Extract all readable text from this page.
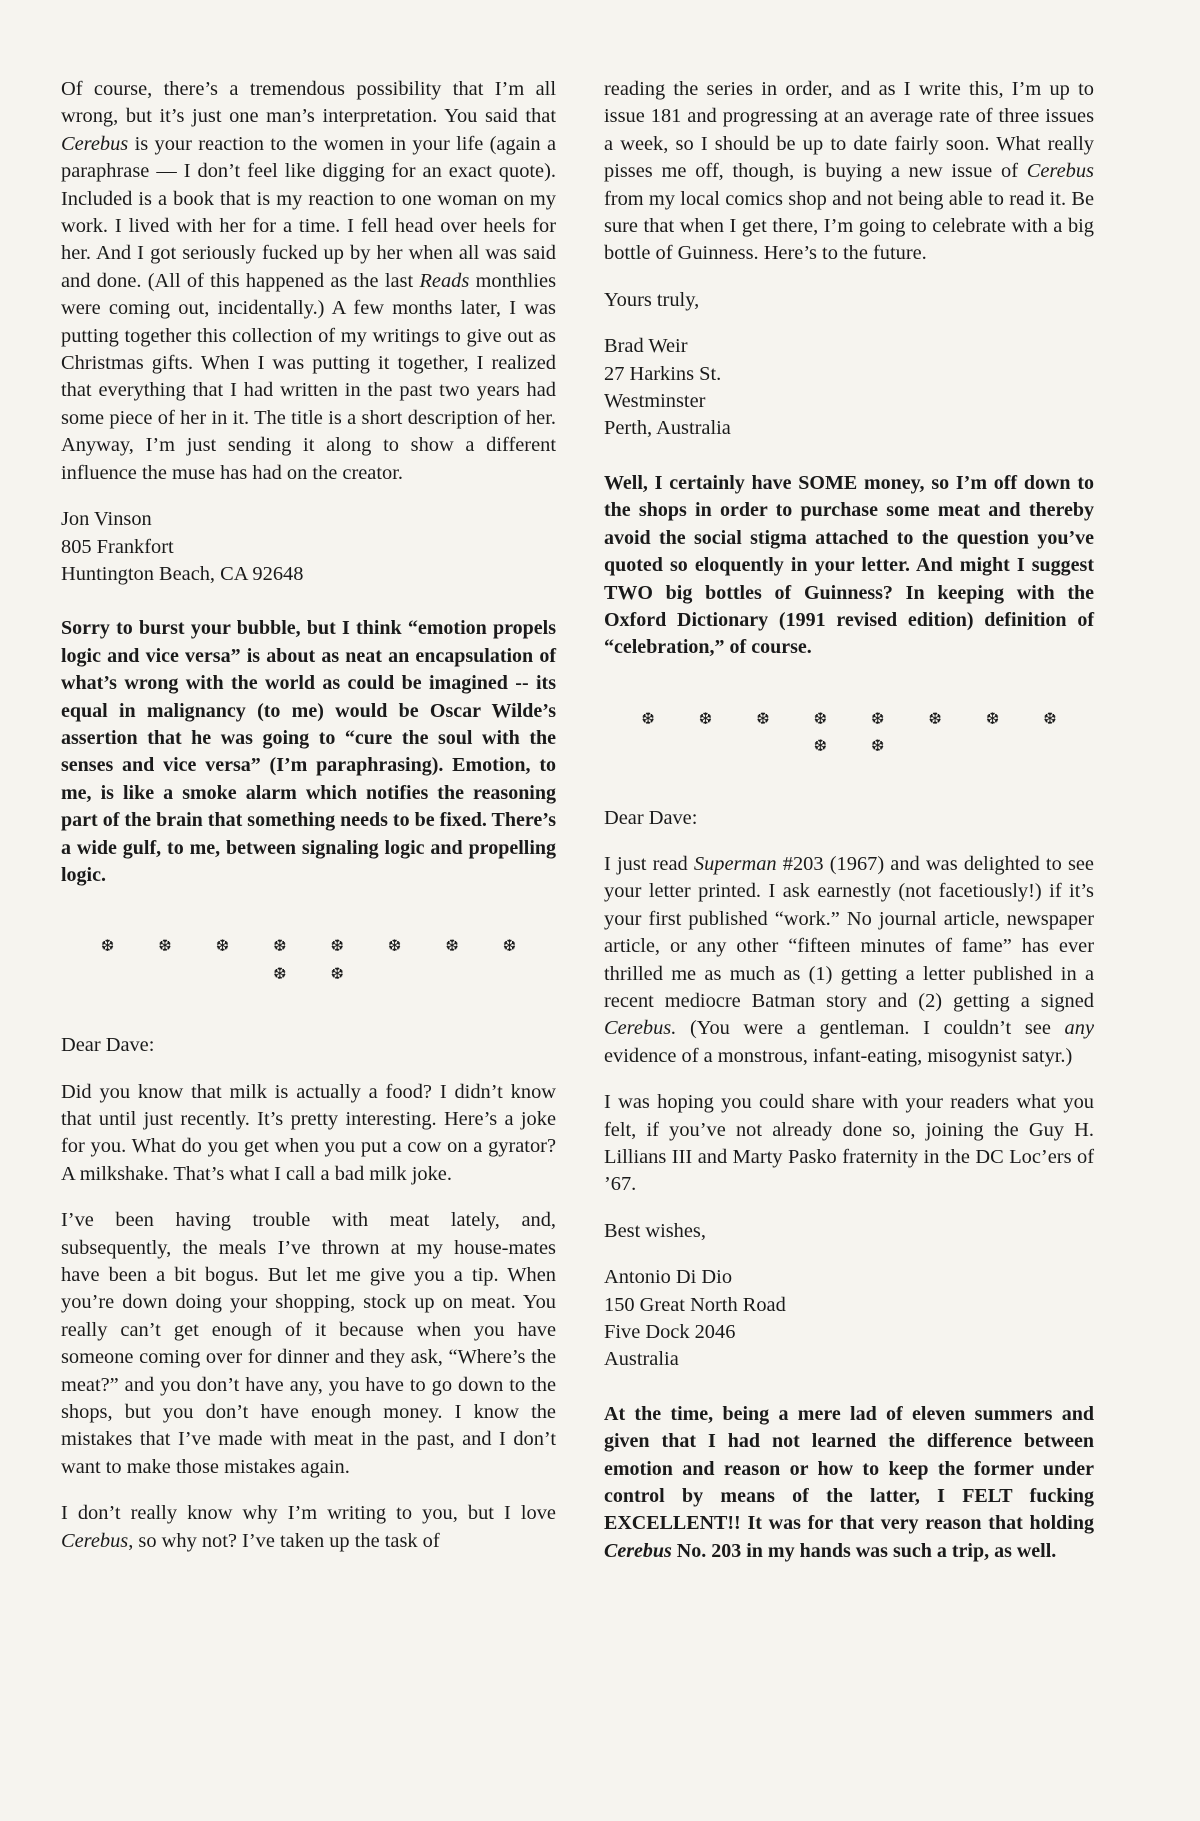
Of course, there’s a tremendous possibility that I’m all wrong, but it’s just one man’s interpretation. You said that Cerebus is your reaction to the women in your life (again a paraphrase — I don’t feel like digging for an exact quote). Included is a book that is my reaction to one woman on my work. I lived with her for a time. I fell head over heels for her. And I got seriously fucked up by her when all was said and done. (All of this happened as the last Reads monthlies were coming out, incidentally.) A few months later, I was putting together this collection of my writings to give out as Christmas gifts. When I was putting it together, I realized that everything that I had written in the past two years had some piece of her in it. The title is a short description of her. Anyway, I’m just sending it along to show a different influence the muse has had on the creator.

Jon Vinson

805 Frankfort

Huntington Beach, CA 92648

Sorry to burst your bubble, but I think “emotion propels logic and vice versa” is about as neat an encapsulation of what’s wrong with the world as could be imagined -- its equal in malignancy (to me) would be Oscar Wilde’s assertion that he was going to “cure the soul with the senses and vice versa” (I’m paraphrasing). Emotion, to me, is like a smoke alarm which notifies the reasoning part of the brain that something needs to be fixed. There’s a wide gulf, to me, between signaling logic and propelling logic.

❆ ❆ ❆ ❆ ❆ ❆ ❆ ❆ ❆ ❆

Dear Dave:

Did you know that milk is actually a food? I didn’t know that until just recently. It’s pretty interesting. Here’s a joke for you. What do you get when you put a cow on a gyrator? A milkshake. That’s what I call a bad milk joke.

I’ve been having trouble with meat lately, and, subsequently, the meals I’ve thrown at my house-mates have been a bit bogus. But let me give you a tip. When you’re down doing your shopping, stock up on meat. You really can’t get enough of it because when you have someone coming over for dinner and they ask, “Where’s the meat?” and you don’t have any, you have to go down to the shops, but you don’t have enough money. I know the mistakes that I’ve made with meat in the past, and I don’t want to make those mistakes again.

I don’t really know why I’m writing to you, but I love Cerebus, so why not? I’ve taken up the task of

reading the series in order, and as I write this, I’m up to issue 181 and progressing at an average rate of three issues a week, so I should be up to date fairly soon. What really pisses me off, though, is buying a new issue of Cerebus from my local comics shop and not being able to read it. Be sure that when I get there, I’m going to celebrate with a big bottle of Guinness. Here’s to the future.

Yours truly,

Brad Weir

27 Harkins St.

Westminster

Perth, Australia

Well, I certainly have SOME money, so I’m off down to the shops in order to purchase some meat and thereby avoid the social stigma attached to the question you’ve quoted so eloquently in your letter. And might I suggest TWO big bottles of Guinness? In keeping with the Oxford Dictionary (1991 revised edition) definition of “celebration,” of course.

❆ ❆ ❆ ❆ ❆ ❆ ❆ ❆ ❆ ❆

Dear Dave:

I just read Superman #203 (1967) and was delighted to see your letter printed. I ask earnestly (not facetiously!) if it’s your first published “work.” No journal article, newspaper article, or any other “fifteen minutes of fame” has ever thrilled me as much as (1) getting a letter published in a recent mediocre Batman story and (2) getting a signed Cerebus. (You were a gentleman. I couldn’t see any evidence of a monstrous, infant-eating, misogynist satyr.)

I was hoping you could share with your readers what you felt, if you’ve not already done so, joining the Guy H. Lillians III and Marty Pasko fraternity in the DC Loc’ers of ’67.

Best wishes,

Antonio Di Dio

150 Great North Road

Five Dock 2046

Australia

At the time, being a mere lad of eleven summers and given that I had not learned the difference between emotion and reason or how to keep the former under control by means of the latter, I FELT fucking EXCELLENT!! It was for that very reason that holding Cerebus No. 203 in my hands was such a trip, as well.
